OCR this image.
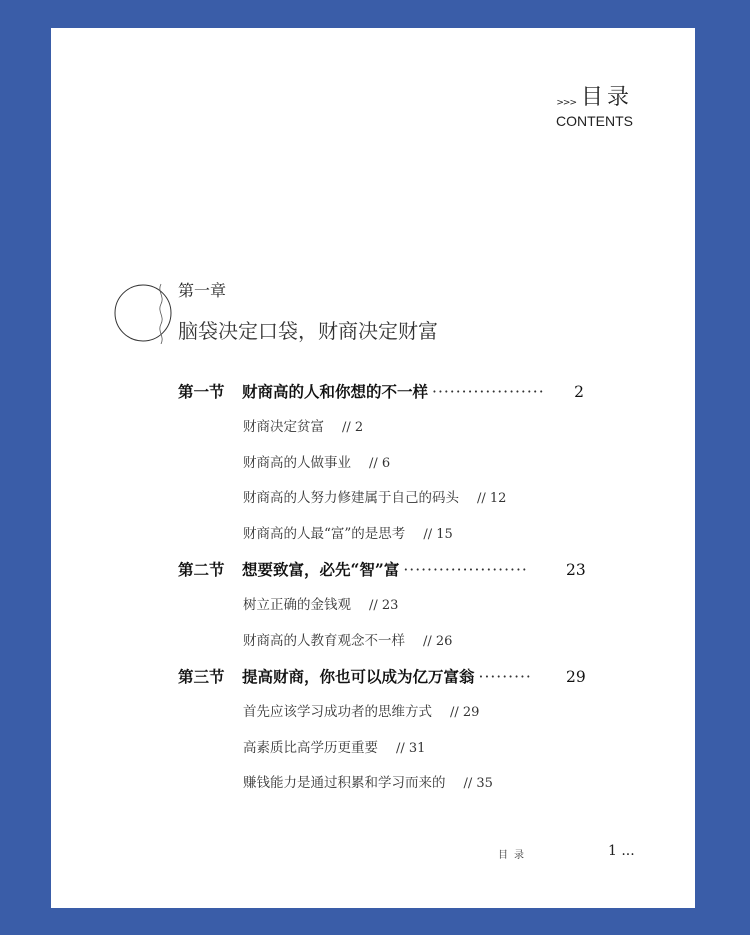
>>> 目录
CONTENTS
第一章
脑袋决定口袋，财商决定财富
第一节	财商高的人和你想的不一样 ···················	2
财商决定贫富 // 2
财商高的人做事业 // 6
财商高的人努力修建属于自己的码头 // 12
财商高的人最“富”的是思考 // 15
第二节	想要致富，必先“智”富 ·····················	23
树立正确的金钱观 // 23
财商高的人教育观念不一样 // 26
第三节	提高财商，你也可以成为亿万富翁 ·········	29
首先应该学习成功者的思维方式 // 29
高素质比高学历更重要 // 31
赚钱能力是通过积累和学习而来的 // 35
目录	1 ...
